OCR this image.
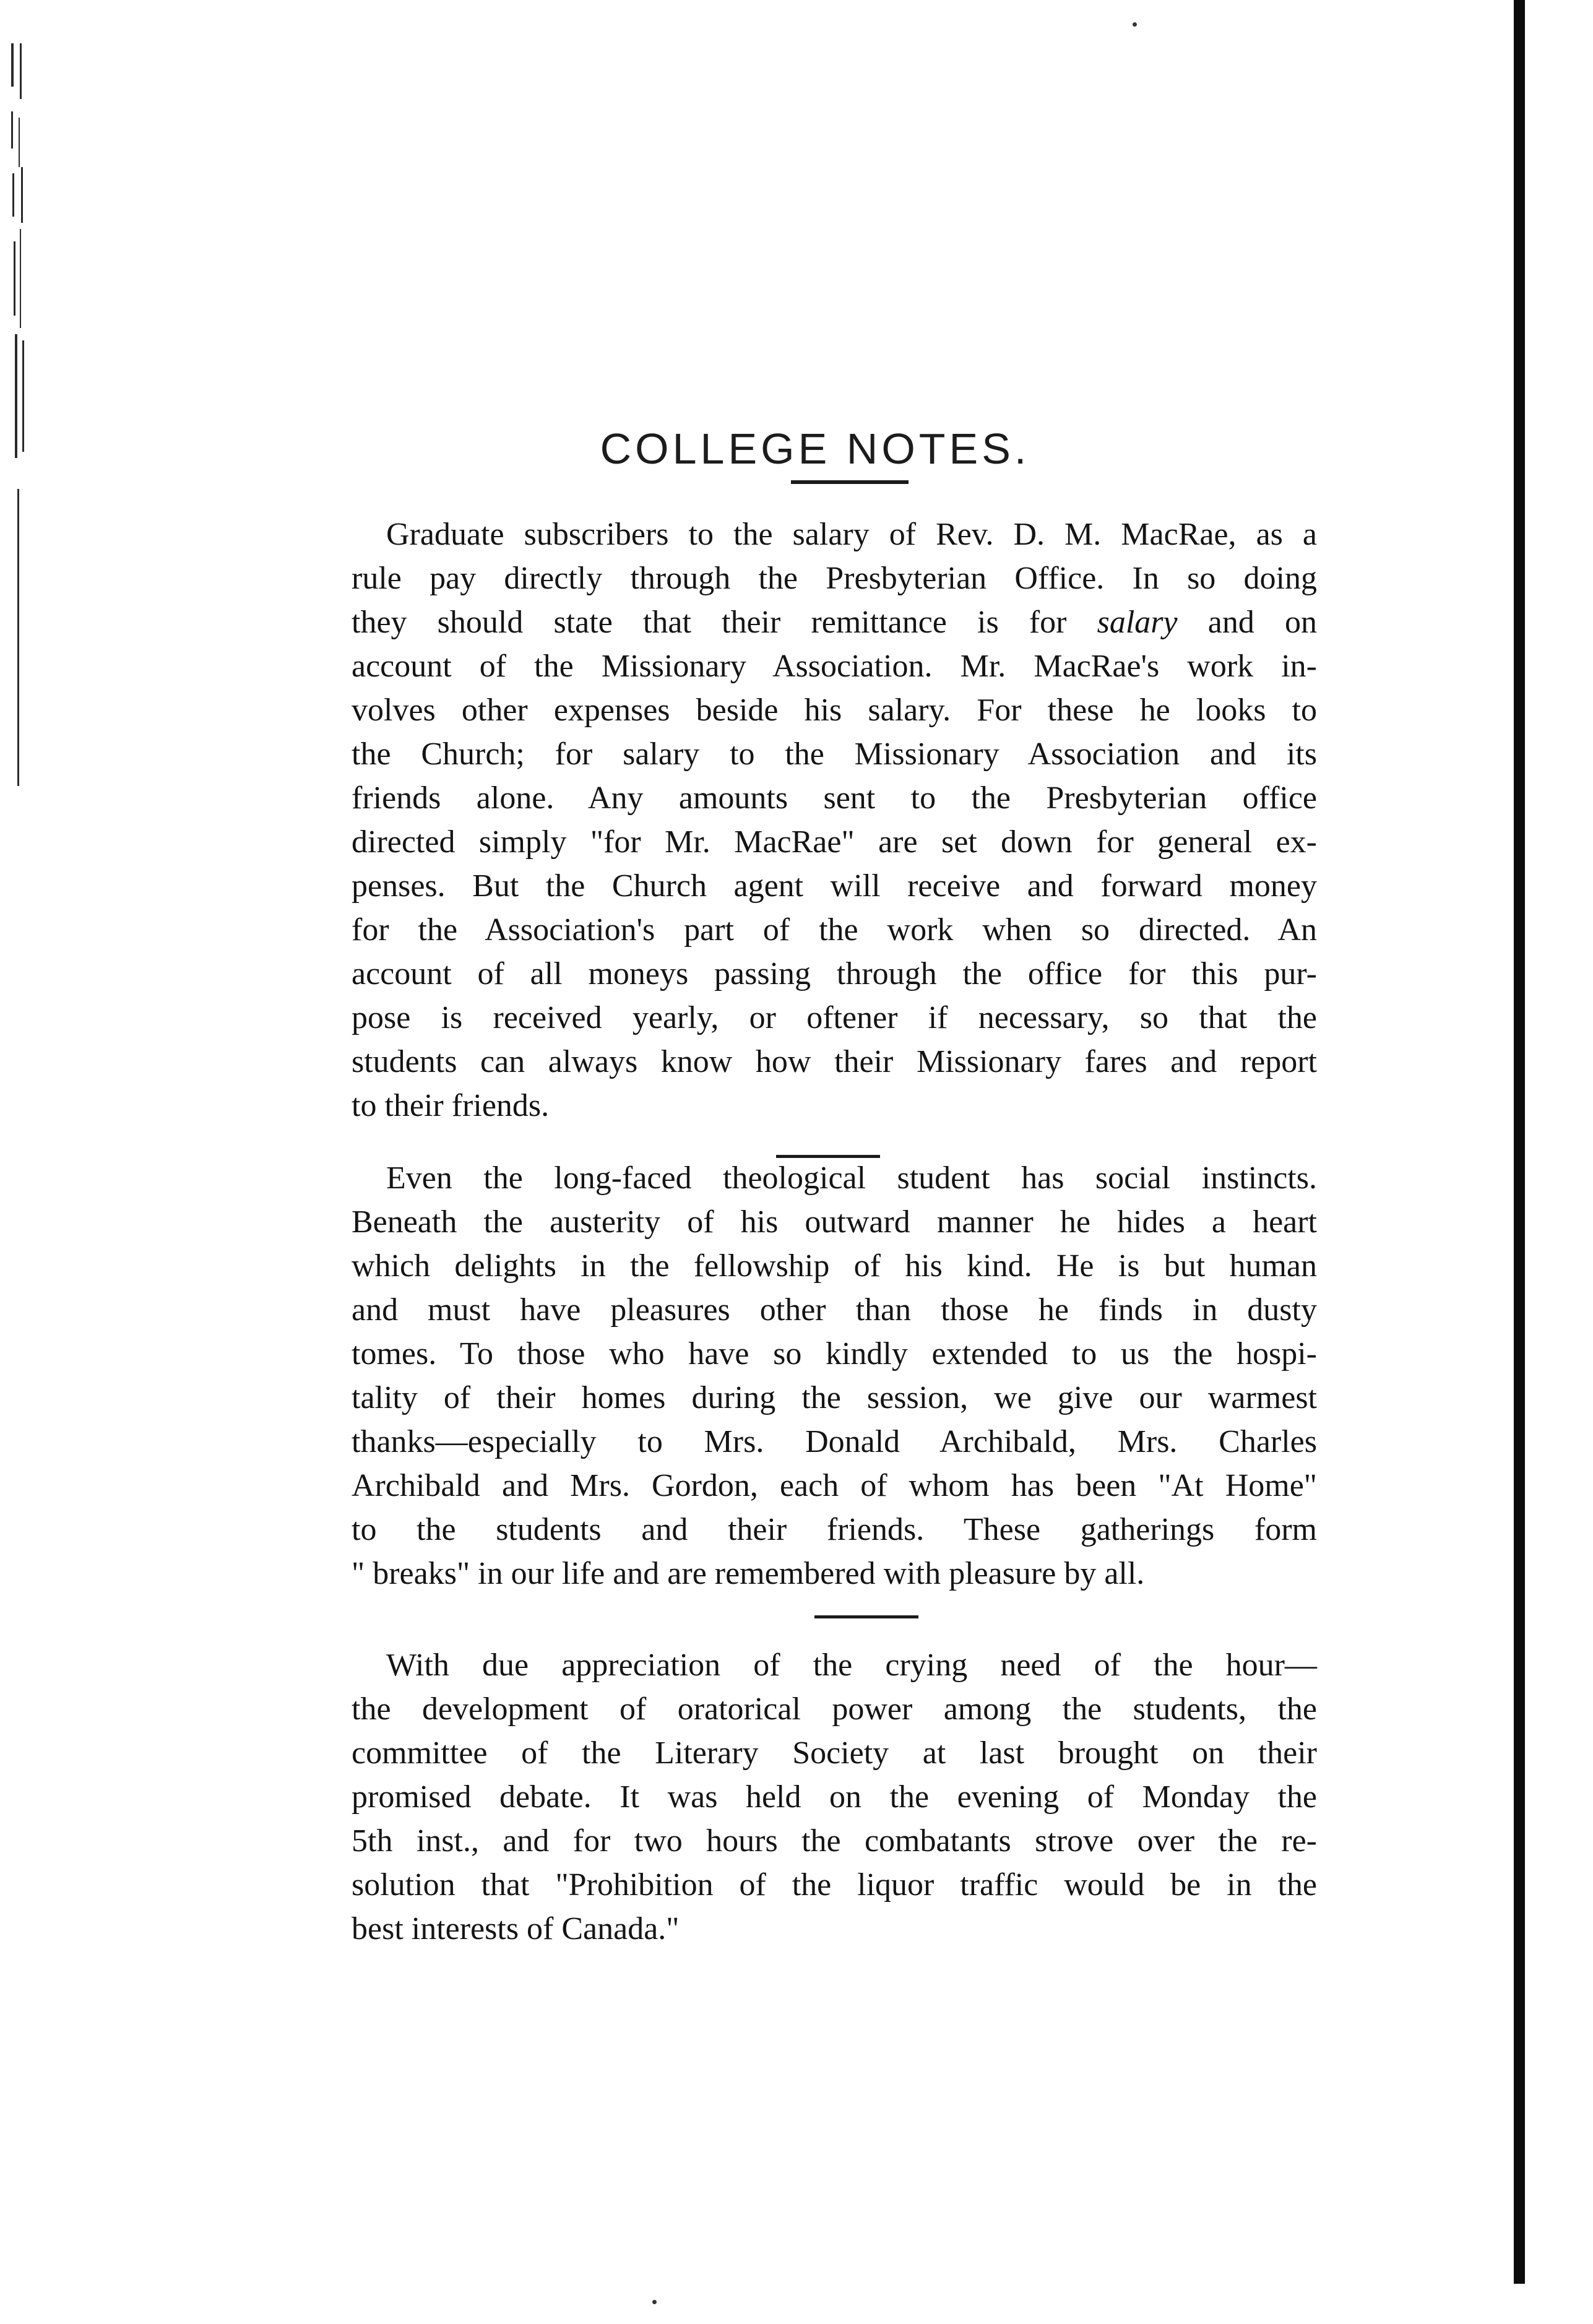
COLLEGE NOTES.

Graduate subscribers to the salary of Rev. D. M. MacRae, as a
rule pay directly through the Presbyterian Office. In so doing
they should state that their remittance is for salary and on
account of the Missionary Association. Mr. MacRae's work in-
volves other expenses beside his salary. For these he looks to
the Church; for salary to the Missionary Association and its
friends alone. Any amounts sent to the Presbyterian office
directed simply "for Mr. MacRae" are set down for general ex-
penses. But the Church agent will receive and forward money
for the Association's part of the work when so directed. An
account of all moneys passing through the office for this pur-
pose is received yearly, or oftener if necessary, so that the
students can always know how their Missionary fares and report
to their friends.

Even the long-faced theological student has social instincts.
Beneath the austerity of his outward manner he hides a heart
which delights in the fellowship of his kind. He is but human
and must have pleasures other than those he finds in dusty
tomes. To those who have so kindly extended to us the hospi-
tality of their homes during the session, we give our warmest
thanks—especially to Mrs. Donald Archibald, Mrs. Charles
Archibald and Mrs. Gordon, each of whom has been "At Home"
to the students and their friends. These gatherings form
" breaks" in our life and are remembered with pleasure by all.

With due appreciation of the crying need of the hour—
the development of oratorical power among the students, the
committee of the Literary Society at last brought on their
promised debate. It was held on the evening of Monday the
5th inst., and for two hours the combatants strove over the re-
solution that "Prohibition of the liquor traffic would be in the
best interests of Canada."
